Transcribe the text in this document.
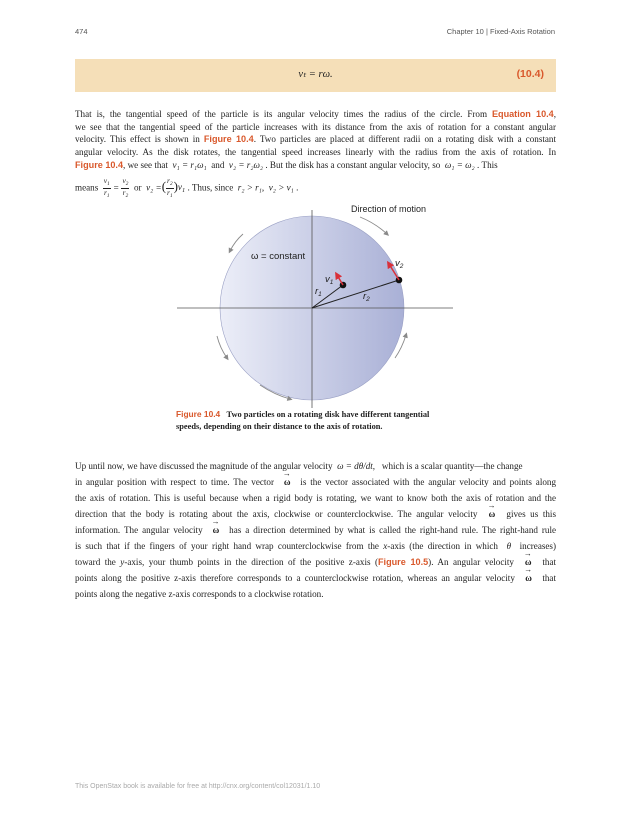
474	Chapter 10 | Fixed-Axis Rotation
vₜ = rω.	(10.4)
That is, the tangential speed of the particle is its angular velocity times the radius of the circle. From Equation 10.4,
we see that the tangential speed of the particle increases with its distance from the axis of rotation for a constant angular
velocity. This effect is shown in Figure 10.4. Two particles are placed at different radii on a rotating disk with a constant
angular velocity. As the disk rotates, the tangential speed increases linearly with the radius from the axis of rotation. In
Figure 10.4, we see that v₁ = r₁ω₁ and v₂ = r₂ω₂ . But the disk has a constant angular velocity, so ω₁ = ω₂ . This
means $\frac{v_1}{r_1} = \frac{v_2}{r_2}$ or v₂ =( $\frac{r_2}{r_1} )v_1$ . Thus, since r₂ > r₁,  v₂ > v₁ .
Direction of motion
ω = constant
$v_1$
$v_2$
$r_1$	$r_2$
Figure 10.4 Two particles on a rotating disk have different tangential speeds, depending on their distance to the axis of rotation.
Up until now, we have discussed the magnitude of the angular velocity ω = dθ/dt, which is a scalar quantity—the change
in angular position with respect to time. The vector → ω is the vector associated with the angular velocity and points along
the axis of rotation. This is useful because when a rigid body is rotating, we want to know both the axis of rotation and the
direction that the body is rotating about the axis, clockwise or counterclockwise. The angular velocity → ω gives us this
information. The angular velocity → ω has a direction determined by what is called the right-hand rule. The right-hand rule
is such that if the fingers of your right hand wrap counterclockwise from the x-axis (the direction in which θ increases)
toward the y-axis, your thumb points in the direction of the positive z-axis (Figure 10.5). An angular velocity → ω that
points along the positive z-axis therefore corresponds to a counterclockwise rotation, whereas an angular velocity → ω that
points along the negative z-axis corresponds to a clockwise rotation.
This OpenStax book is available for free at http://cnx.org/content/col12031/1.10
